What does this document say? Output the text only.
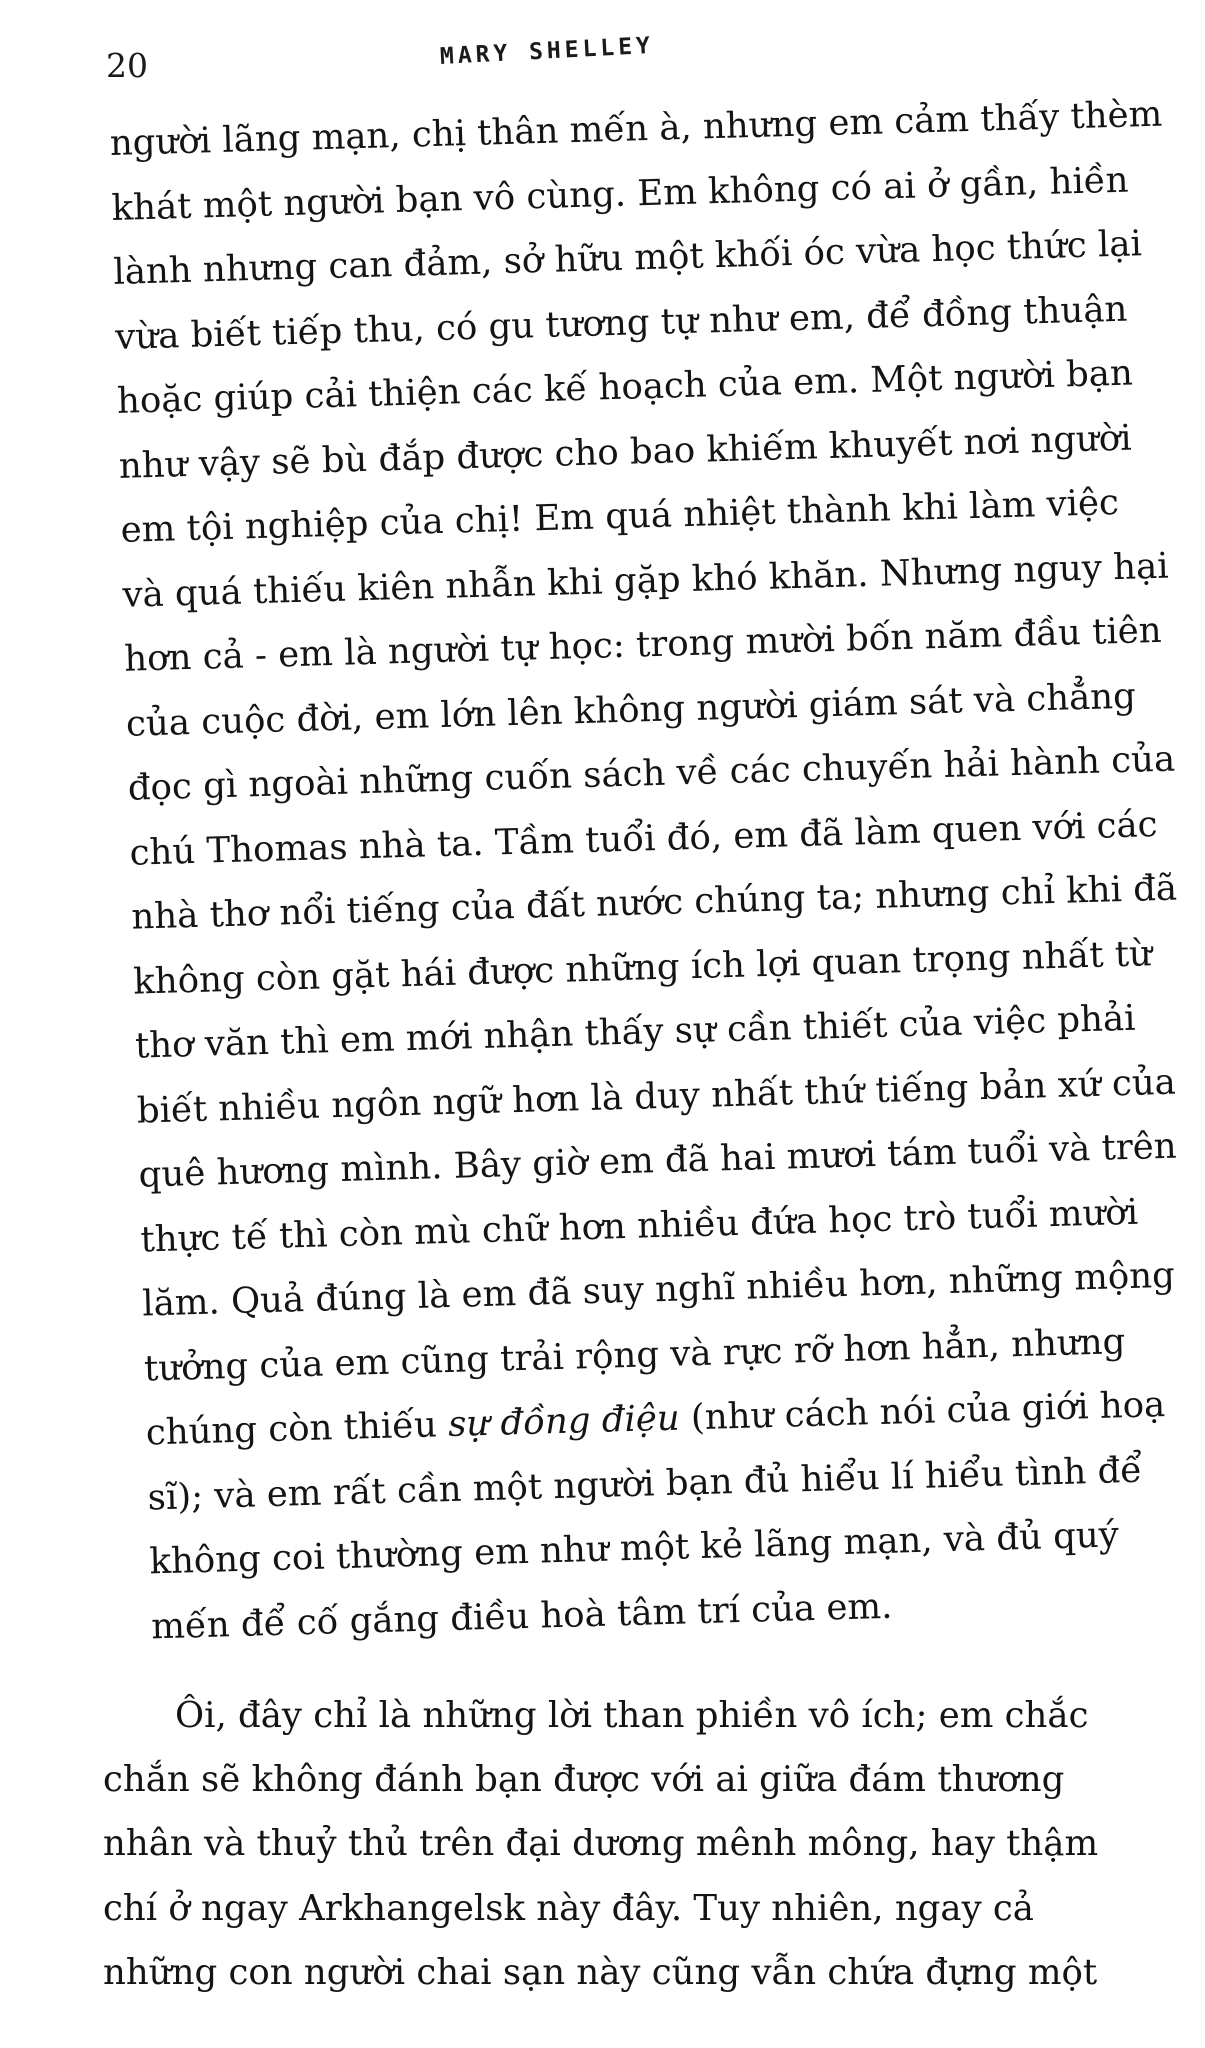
20	MARY SHELLEY
người lãng mạn, chị thân mến à, nhưng em cảm thấy thèm
khát một người bạn vô cùng. Em không có ai ở gần, hiền
lành nhưng can đảm, sở hữu một khối óc vừa học thức lại
vừa biết tiếp thu, có gu tương tự như em, để đồng thuận
hoặc giúp cải thiện các kế hoạch của em. Một người bạn
như vậy sẽ bù đắp được cho bao khiếm khuyết nơi người
em tội nghiệp của chị! Em quá nhiệt thành khi làm việc
và quá thiếu kiên nhẫn khi gặp khó khăn. Nhưng nguy hại
hơn cả - em là người tự học: trong mười bốn năm đầu tiên
của cuộc đời, em lớn lên không người giám sát và chẳng
đọc gì ngoài những cuốn sách về các chuyến hải hành của
chú Thomas nhà ta. Tầm tuổi đó, em đã làm quen với các
nhà thơ nổi tiếng của đất nước chúng ta; nhưng chỉ khi đã
không còn gặt hái được những ích lợi quan trọng nhất từ
thơ văn thì em mới nhận thấy sự cần thiết của việc phải
biết nhiều ngôn ngữ hơn là duy nhất thứ tiếng bản xứ của
quê hương mình. Bây giờ em đã hai mươi tám tuổi và trên
thực tế thì còn mù chữ hơn nhiều đứa học trò tuổi mười
lăm. Quả đúng là em đã suy nghĩ nhiều hơn, những mộng
tưởng của em cũng trải rộng và rực rỡ hơn hẳn, nhưng
chúng còn thiếu sự đồng điệu (như cách nói của giới hoạ
sĩ); và em rất cần một người bạn đủ hiểu lí hiểu tình để
không coi thường em như một kẻ lãng mạn, và đủ quý
mến để cố gắng điều hoà tâm trí của em.
Ôi, đây chỉ là những lời than phiền vô ích; em chắc
chắn sẽ không đánh bạn được với ai giữa đám thương
nhân và thuỷ thủ trên đại dương mênh mông, hay thậm
chí ở ngay Arkhangelsk này đây. Tuy nhiên, ngay cả
những con người chai sạn này cũng vẫn chứa đựng một
